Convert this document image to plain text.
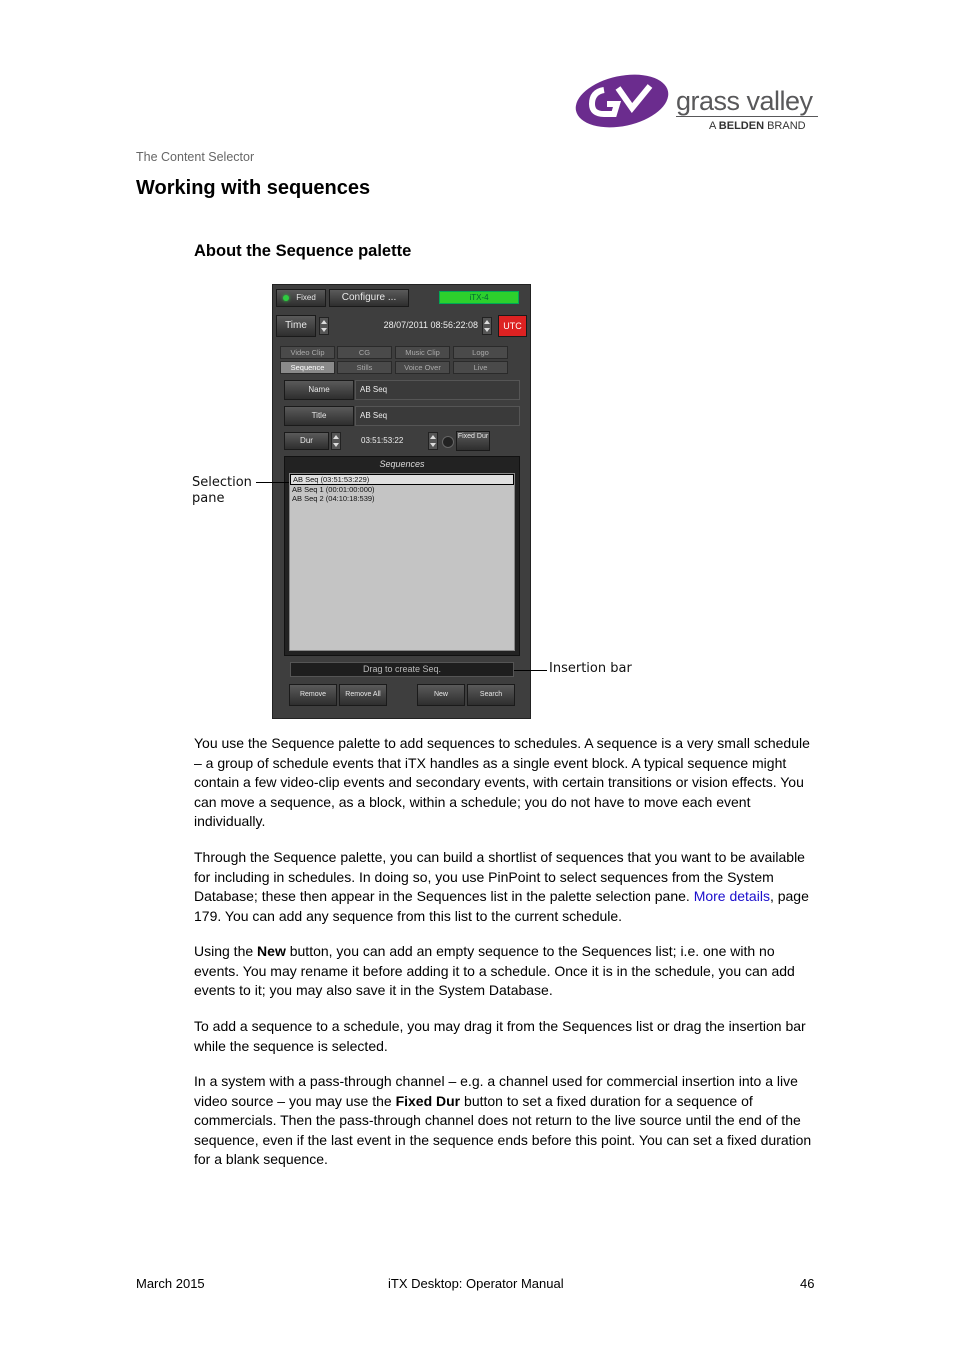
grass valley
A BELDEN BRAND
The Content Selector
Working with sequences
About the Sequence palette
Fixed	Configure ...	iTX-4
Time	28/07/2011 08:56:22:08	UTC
Video Clip	CG	Music Clip	Logo
Sequence	Stills	Voice Over	Live
Name	AB Seq
Title	AB Seq
Dur	03:51:53:22	Fixed Dur
Sequences
AB Seq (03:51:53:229)
AB Seq 1 (00:01:00:000)
AB Seq 2 (04:10:18:539)
Drag to create Seq.
Remove	Remove All	New	Search
Selection pane
Insertion bar
You use the Sequence palette to add sequences to schedules. A sequence is a very small schedule – a group of schedule events that iTX handles as a single event block. A typical sequence might contain a few video-clip events and secondary events, with certain transitions or vision effects. You can move a sequence, as a block, within a schedule; you do not have to move each event individually.
Through the Sequence palette, you can build a shortlist of sequences that you want to be available for including in schedules. In doing so, you use PinPoint to select sequences from the System Database; these then appear in the Sequences list in the palette selection pane. More details, page 179. You can add any sequence from this list to the current schedule.
Using the New button, you can add an empty sequence to the Sequences list; i.e. one with no events. You may rename it before adding it to a schedule. Once it is in the schedule, you can add events to it; you may also save it in the System Database.
To add a sequence to a schedule, you may drag it from the Sequences list or drag the insertion bar while the sequence is selected.
In a system with a pass-through channel – e.g. a channel used for commercial insertion into a live video source – you may use the Fixed Dur button to set a fixed duration for a sequence of commercials. Then the pass-through channel does not return to the live source until the end of the sequence, even if the last event in the sequence ends before this point. You can set a fixed duration for a blank sequence.
March 2015	iTX Desktop: Operator Manual	46
